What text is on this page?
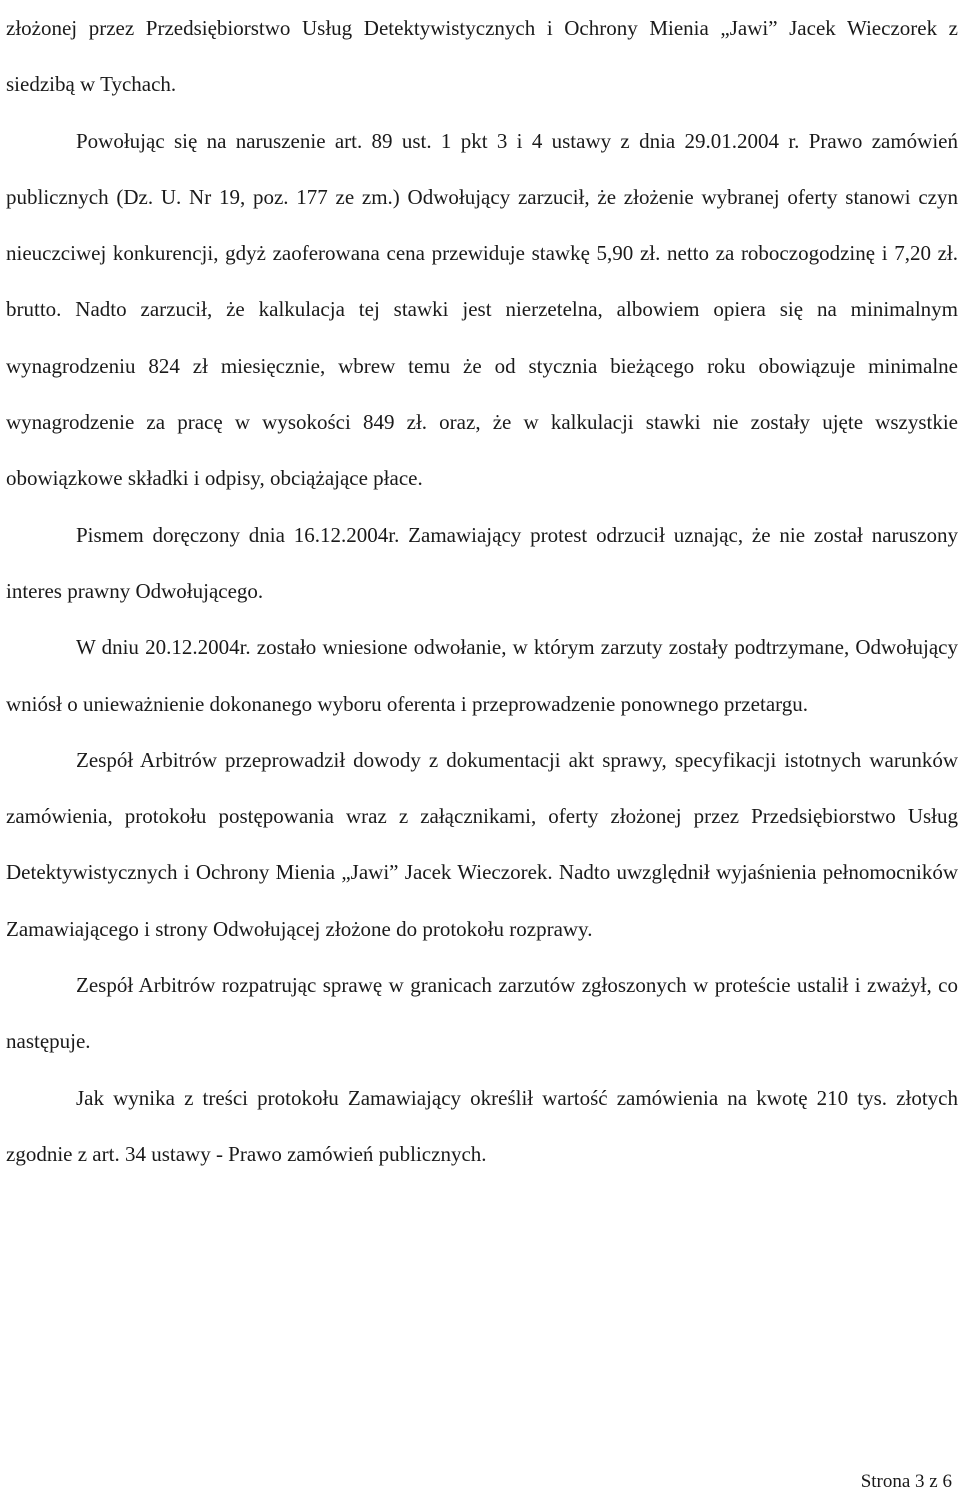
złożonej przez Przedsiębiorstwo Usług Detektywistycznych i Ochrony Mienia „Jawi” Jacek Wieczorek z siedzibą w Tychach.

Powołując się na naruszenie art. 89 ust. 1 pkt 3 i 4 ustawy z dnia 29.01.2004 r. Prawo zamówień publicznych (Dz. U. Nr 19, poz. 177 ze zm.) Odwołujący zarzucił, że złożenie wybranej oferty stanowi czyn nieuczciwej konkurencji, gdyż zaoferowana cena przewiduje stawkę 5,90 zł. netto za roboczogodzinę i 7,20 zł. brutto. Nadto zarzucił, że kalkulacja tej stawki jest nierzetelna, albowiem opiera się na minimalnym wynagrodzeniu 824 zł miesięcznie, wbrew temu że od stycznia bieżącego roku obowiązuje minimalne wynagrodzenie za pracę w wysokości 849 zł. oraz, że w kalkulacji stawki nie zostały ujęte wszystkie obowiązkowe składki i odpisy, obciążające płace.

Pismem doręczony dnia 16.12.2004r. Zamawiający protest odrzucił uznając, że nie został naruszony interes prawny Odwołującego.

W dniu 20.12.2004r. zostało wniesione odwołanie, w którym zarzuty zostały podtrzymane, Odwołujący wniósł o unieważnienie dokonanego wyboru oferenta i przeprowadzenie ponownego przetargu.

Zespół Arbitrów przeprowadził dowody z dokumentacji akt sprawy, specyfikacji istotnych warunków zamówienia, protokołu postępowania wraz z załącznikami, oferty złożonej przez Przedsiębiorstwo Usług Detektywistycznych i Ochrony Mienia „Jawi” Jacek Wieczorek. Nadto uwzględnił wyjaśnienia pełnomocników Zamawiającego i strony Odwołującej złożone do protokołu rozprawy.

Zespół Arbitrów rozpatrując sprawę w granicach zarzutów zgłoszonych w proteście ustalił i zważył, co następuje.

Jak wynika z treści protokołu Zamawiający określił wartość zamówienia na kwotę 210 tys. złotych zgodnie z art. 34 ustawy - Prawo zamówień publicznych.

Strona 3 z 6
